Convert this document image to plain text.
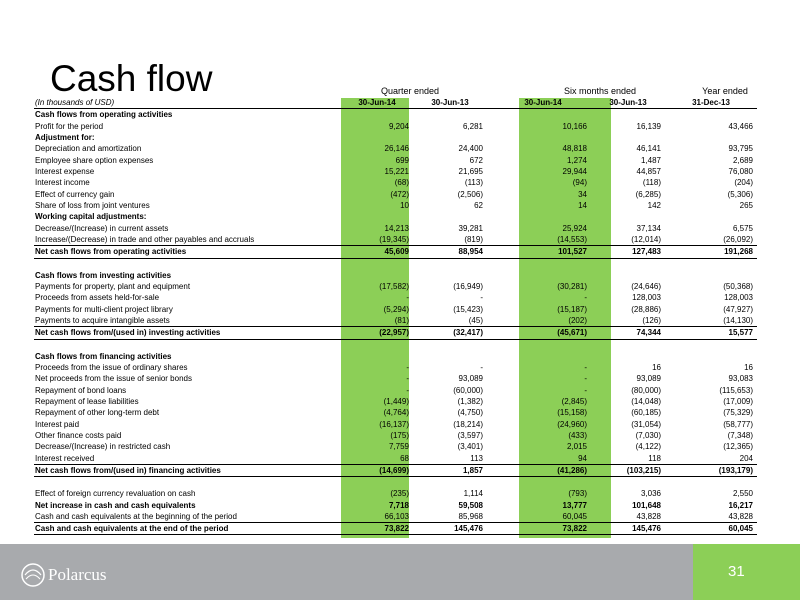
Cash flow	Quarter ended	Six months ended	Year ended
(In thousands of USD)	30-Jun-14	30-Jun-13		30-Jun-14	30-Jun-13	31-Dec-13
Cash flows from operating activities						
Profit for the period	9,204	6,281		10,166	16,139	43,466
Adjustment for:						
Depreciation and amortization	26,146	24,400		48,818	46,141	93,795
Employee share option expenses	699	672		1,274	1,487	2,689
Interest expense	15,221	21,695		29,944	44,857	76,080
Interest income	(68)	(113)		(94)	(118)	(204)
Effect of currency gain	(472)	(2,506)		34	(6,285)	(5,306)
Share of loss from joint ventures	10	62		14	142	265
Working capital adjustments:						
Decrease/(Increase) in current assets	14,213	39,281		25,924	37,134	6,575
Increase/(Decrease) in trade and other payables and accruals	(19,345)	(819)		(14,553)	(12,014)	(26,092)
Net cash flows from operating activities	45,609	88,954		101,527	127,483	191,268

Cash flows from investing activities						
Payments for property, plant and equipment	(17,582)	(16,949)		(30,281)	(24,646)	(50,368)
Proceeds from assets held-for-sale	-	-		-	128,003	128,003
Payments for multi-client project library	(5,294)	(15,423)		(15,187)	(28,886)	(47,927)
Payments to acquire intangible assets	(81)	(45)		(202)	(126)	(14,130)
Net cash flows from/(used in) investing activities	(22,957)	(32,417)		(45,671)	74,344	15,577

Cash flows from financing activities						
Proceeds from the issue of ordinary shares	-	-		-	16	16
Net proceeds from the issue of senior bonds	-	93,089		-	93,089	93,083
Repayment of bond loans	-	(60,000)		-	(80,000)	(115,653)
Repayment of lease liabilities	(1,449)	(1,382)		(2,845)	(14,048)	(17,009)
Repayment of other long-term debt	(4,764)	(4,750)		(15,158)	(60,185)	(75,329)
Interest paid	(16,137)	(18,214)		(24,960)	(31,054)	(58,777)
Other finance costs paid	(175)	(3,597)		(433)	(7,030)	(7,348)
Decrease/(Increase) in restricted cash	7,759	(3,401)		2,015	(4,122)	(12,365)
Interest received	68	113		94	118	204
Net cash flows from/(used in) financing activities	(14,699)	1,857		(41,286)	(103,215)	(193,179)

Effect of foreign currency revaluation on cash	(235)	1,114		(793)	3,036	2,550
Net increase in cash and cash equivalents	7,718	59,508		13,777	101,648	16,217
Cash and cash equivalents at the beginning of the period	66,103	85,968		60,045	43,828	43,828
Cash and cash equivalents at the end of the period	73,822	145,476		73,822	145,476	60,045
Polarcus	31
